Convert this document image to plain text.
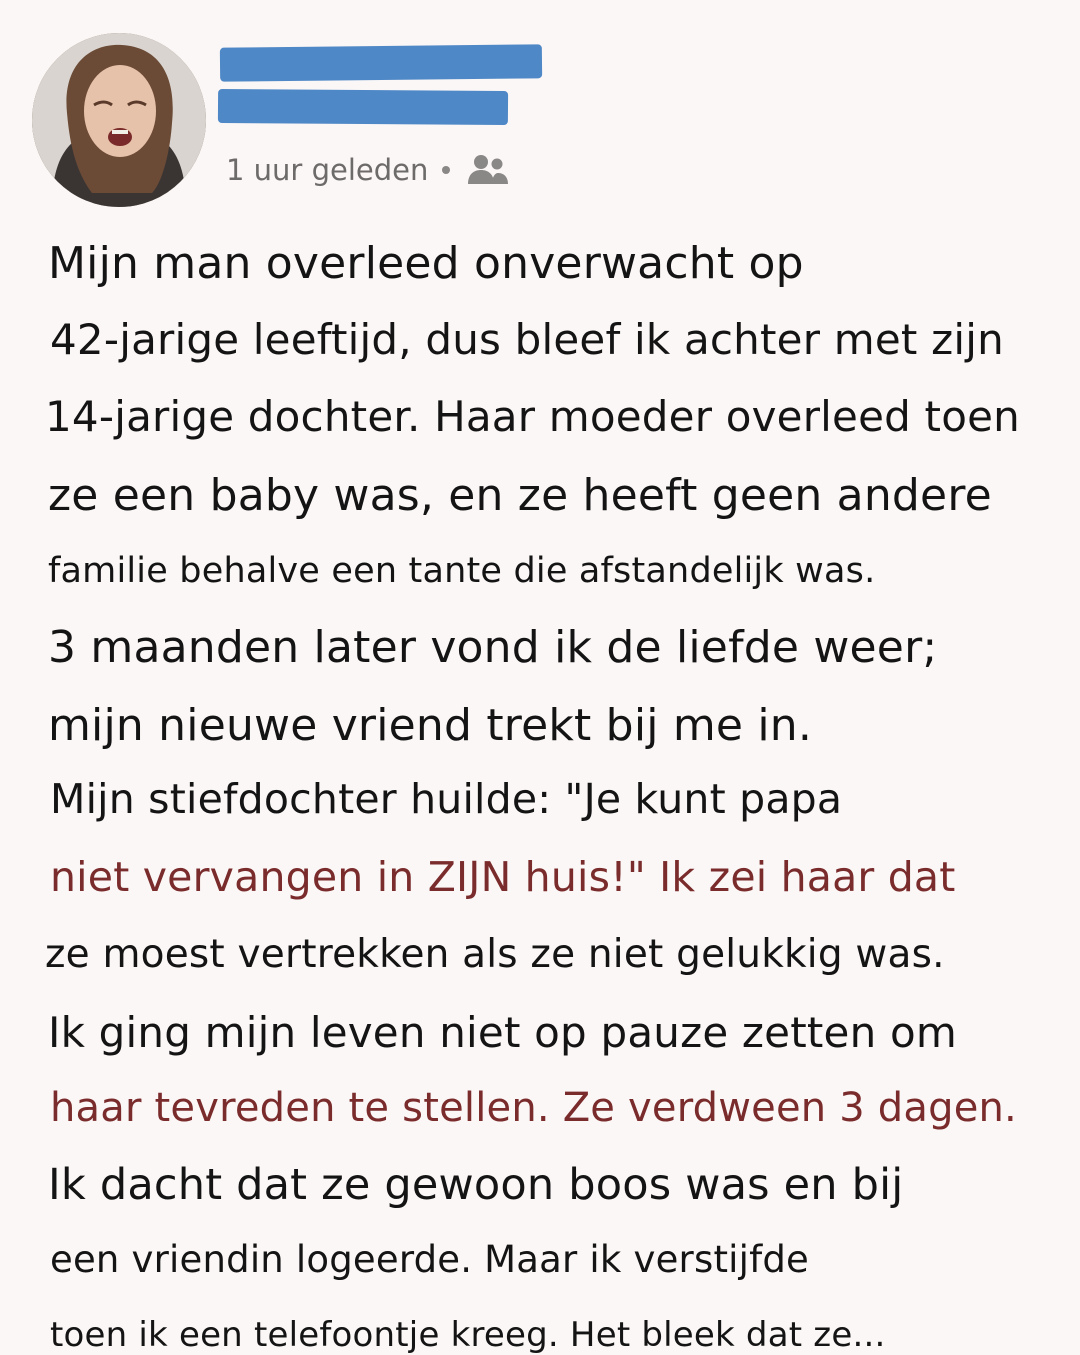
1 uur geleden
Mijn man overleed onverwacht op
42-jarige leeftijd, dus bleef ik achter met zijn
14-jarige dochter. Haar moeder overleed toen
ze een baby was, en ze heeft geen andere
familie behalve een tante die afstandelijk was.
3 maanden later vond ik de liefde weer;
mijn nieuwe vriend trekt bij me in.
Mijn stiefdochter huilde: "Je kunt papa
niet vervangen in ZIJN huis!" Ik zei haar dat
ze moest vertrekken als ze niet gelukkig was.
Ik ging mijn leven niet op pauze zetten om
haar tevreden te stellen. Ze verdween 3 dagen.
Ik dacht dat ze gewoon boos was en bij
een vriendin logeerde. Maar ik verstijfde
toen ik een telefoontje kreeg. Het bleek dat ze...
